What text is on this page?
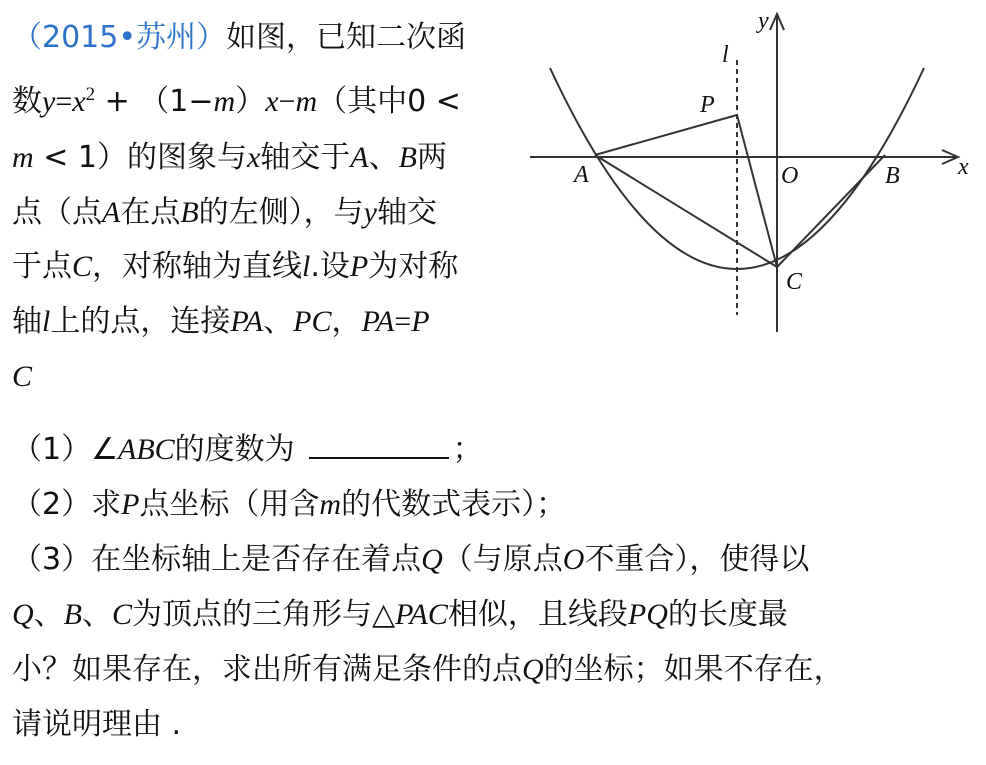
（2015•苏州）如图，已知二次函
数$y=x^2 + (1-m)x-m$（其中0 <
m < 1）的图象与x轴交于A、B两
点（点A在点B的左侧），与y轴交
于点C，对称轴为直线l.设P为对称
轴l上的点，连接PA、PC，PA=P
C
（1）∠ABC的度数为	；
（2）求P点坐标（用含m的代数式表示）；
（3）在坐标轴上是否存在着点Q（与原点O不重合），使得以
Q、B、C为顶点的三角形与△PAC相似，且线段PQ的长度最
小？如果存在，求出所有满足条件的点Q的坐标；如果不存在，
请说明理由 .
y
x
l
P
A	O	B
C
